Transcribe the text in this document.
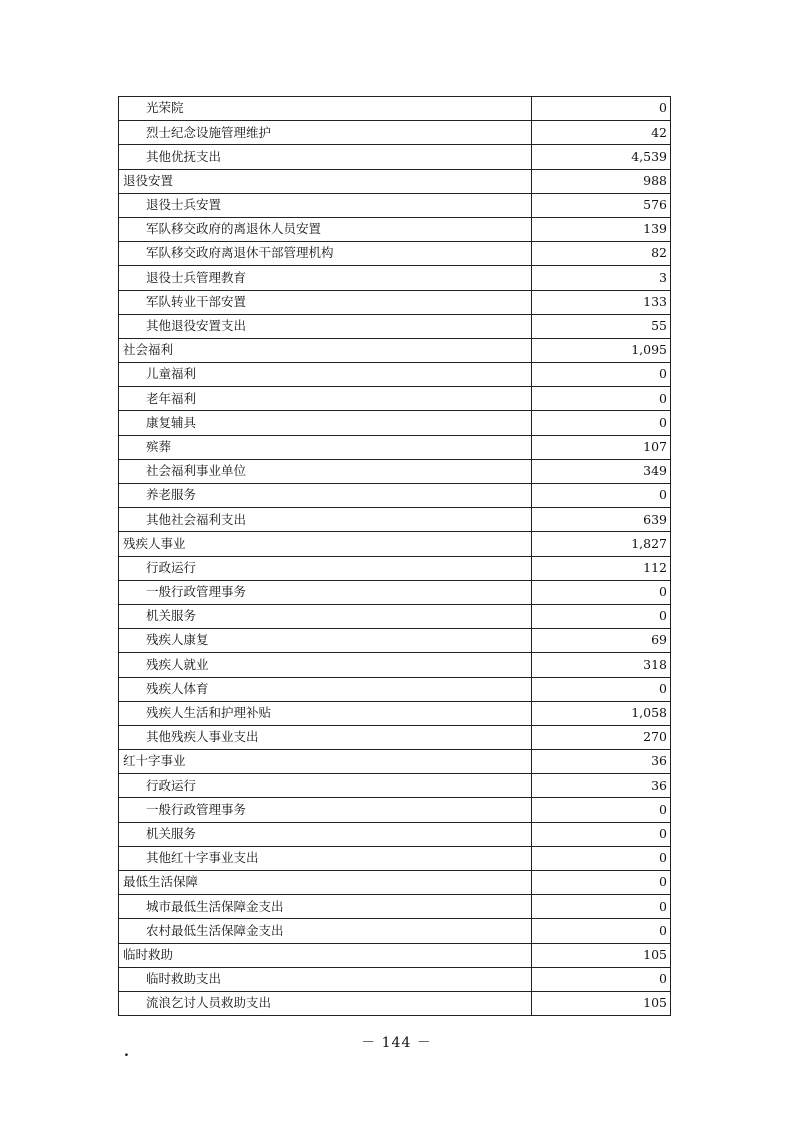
光荣院	0
烈士纪念设施管理维护	42
其他优抚支出	4,539
退役安置	988
退役士兵安置	576
军队移交政府的离退休人员安置	139
军队移交政府离退休干部管理机构	82
退役士兵管理教育	3
军队转业干部安置	133
其他退役安置支出	55
社会福利	1,095
儿童福利	0
老年福利	0
康复辅具	0
殡葬	107
社会福利事业单位	349
养老服务	0
其他社会福利支出	639
残疾人事业	1,827
行政运行	112
一般行政管理事务	0
机关服务	0
残疾人康复	69
残疾人就业	318
残疾人体育	0
残疾人生活和护理补贴	1,058
其他残疾人事业支出	270
红十字事业	36
行政运行	36
一般行政管理事务	0
机关服务	0
其他红十字事业支出	0
最低生活保障	0
城市最低生活保障金支出	0
农村最低生活保障金支出	0
临时救助	105
临时救助支出	0
流浪乞讨人员救助支出	105
－ 144 －
.
